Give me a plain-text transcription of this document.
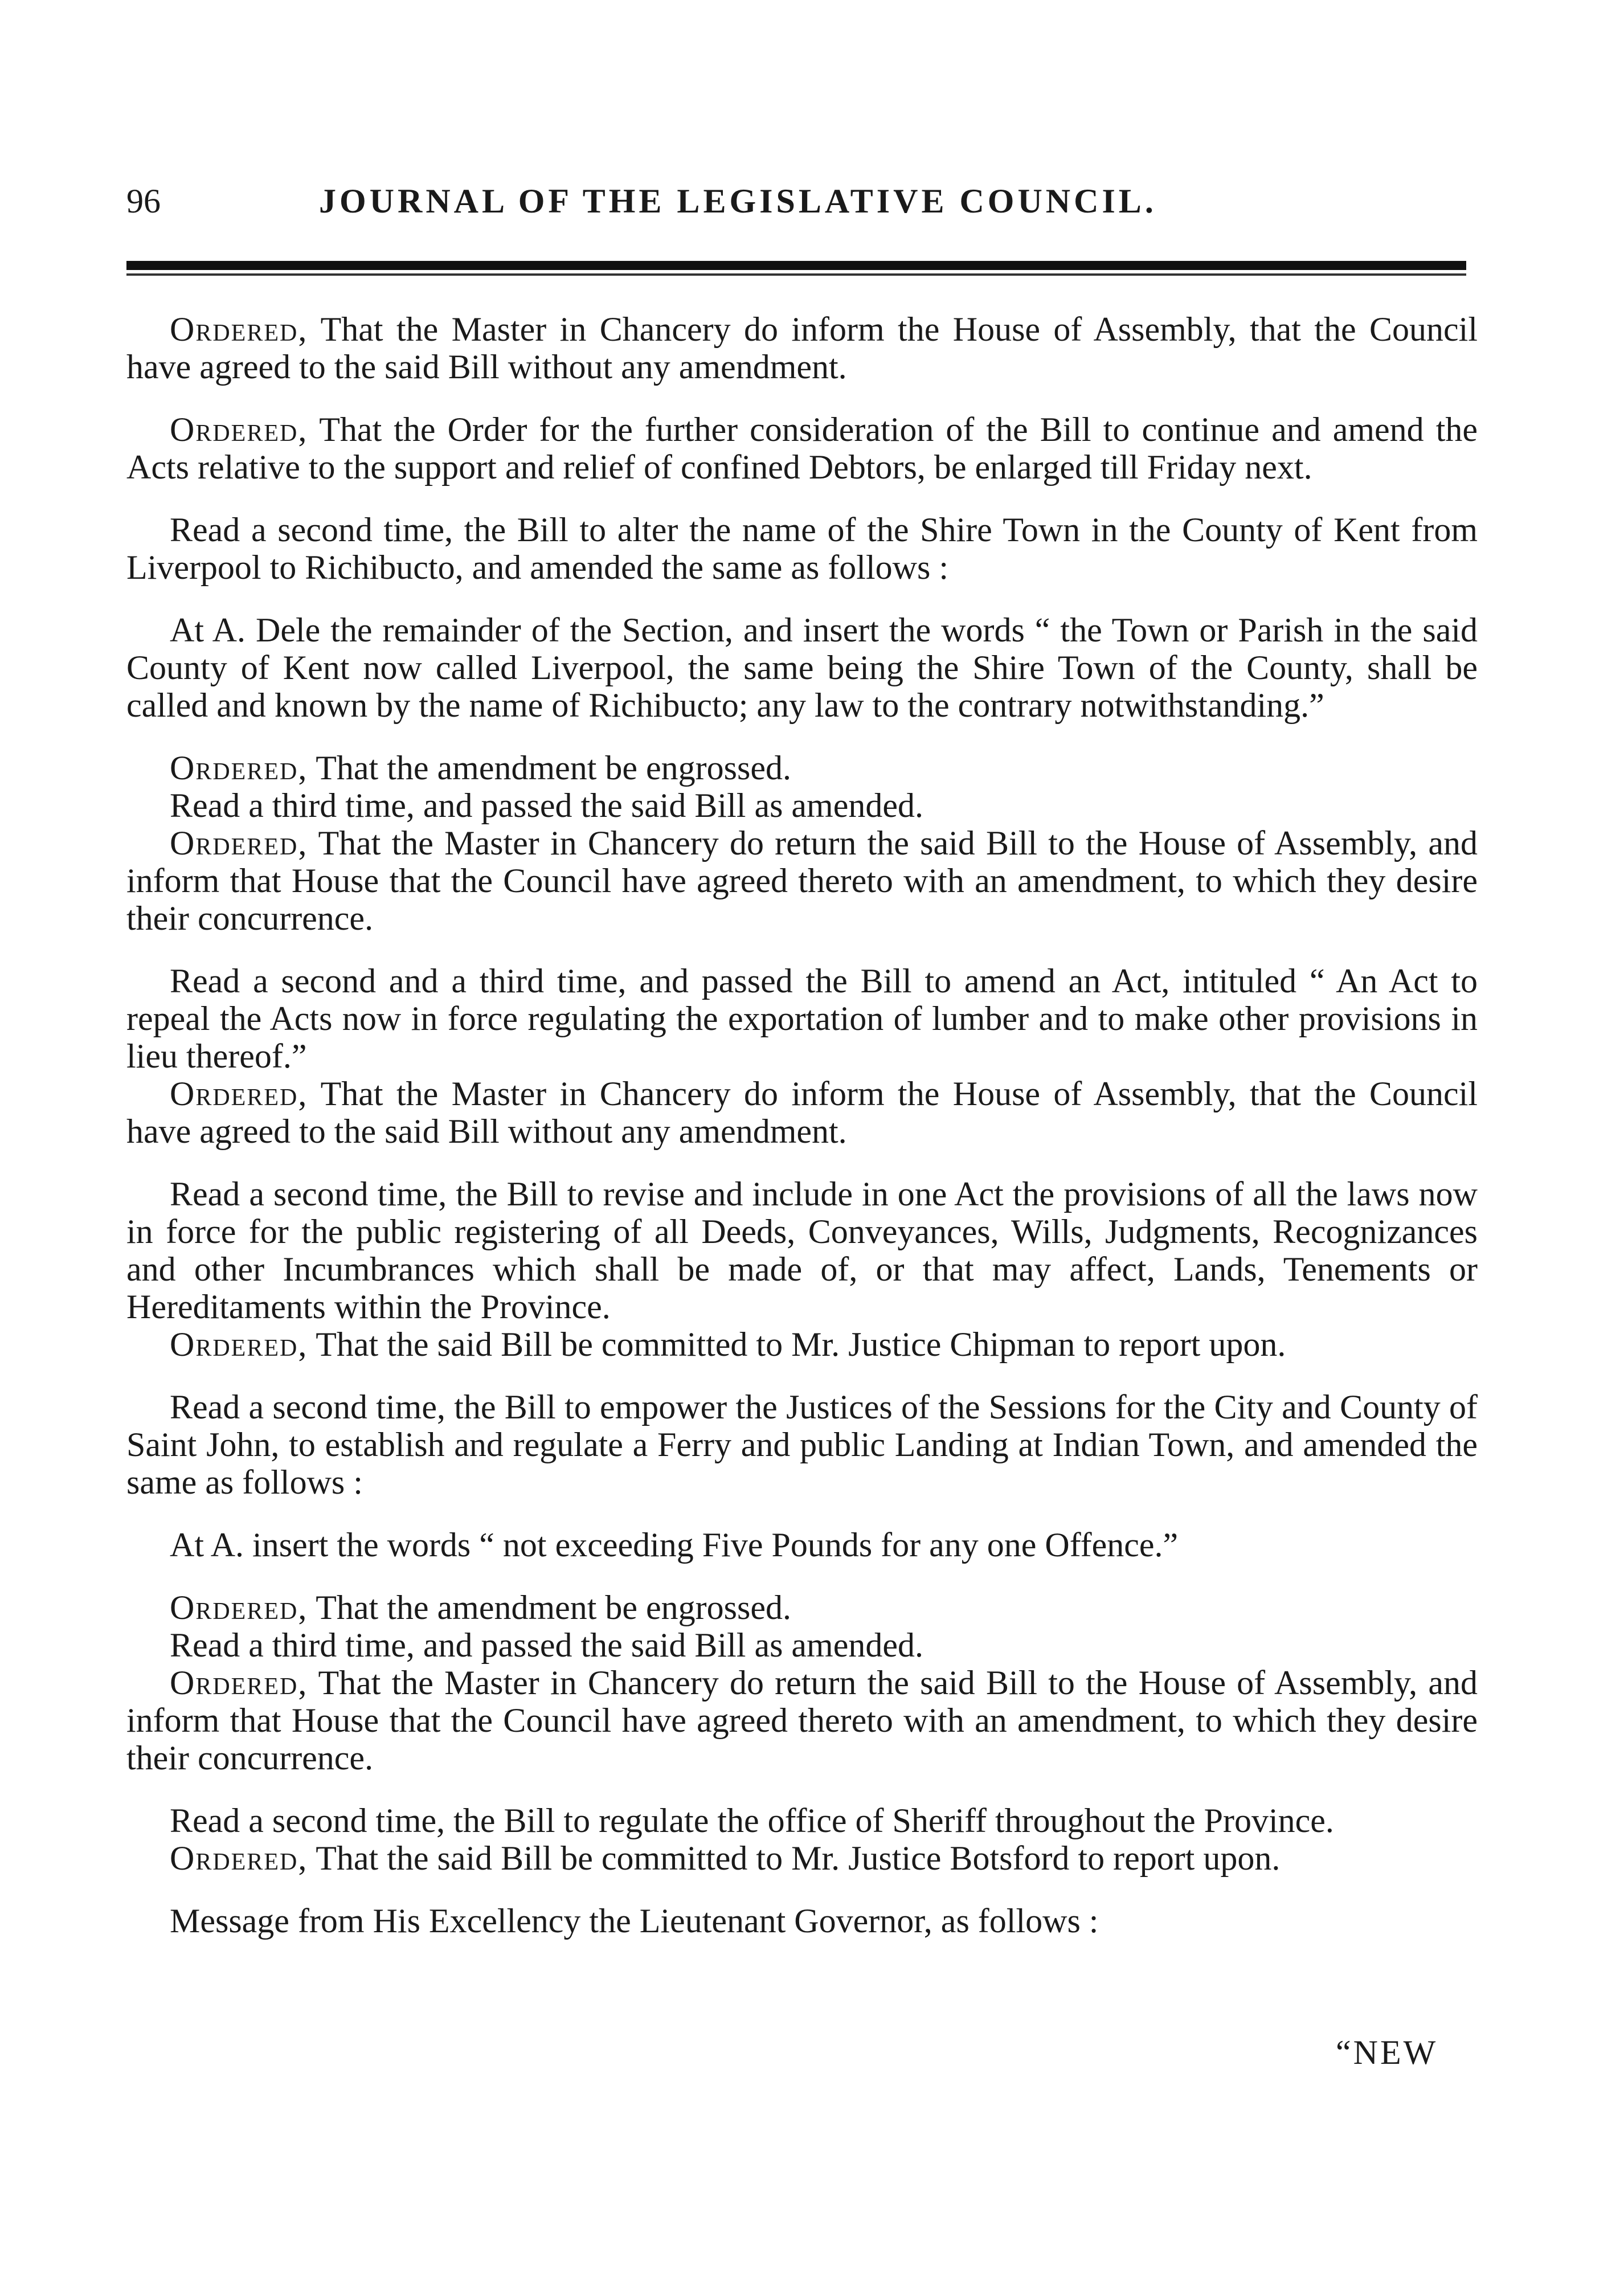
96	JOURNAL OF THE LEGISLATIVE COUNCIL.

Ordered, That the Master in Chancery do inform the House of Assembly, that the Council have agreed to the said Bill without any amendment.

Ordered, That the Order for the further consideration of the Bill to continue and amend the Acts relative to the support and relief of confined Debtors, be enlarged till Friday next.

Read a second time, the Bill to alter the name of the Shire Town in the County of Kent from Liverpool to Richibucto, and amended the same as follows :

At A. Dele the remainder of the Section, and insert the words “ the Town or Parish in the said County of Kent now called Liverpool, the same being the Shire Town of the County, shall be called and known by the name of Richibucto; any law to the contrary notwithstanding.”

Ordered, That the amendment be engrossed.

Read a third time, and passed the said Bill as amended.

Ordered, That the Master in Chancery do return the said Bill to the House of Assembly, and inform that House that the Council have agreed thereto with an amendment, to which they desire their concurrence.

Read a second and a third time, and passed the Bill to amend an Act, intituled “ An Act to repeal the Acts now in force regulating the exportation of lumber and to make other provisions in lieu thereof.”

Ordered, That the Master in Chancery do inform the House of Assembly, that the Council have agreed to the said Bill without any amendment.

Read a second time, the Bill to revise and include in one Act the provisions of all the laws now in force for the public registering of all Deeds, Conveyances, Wills, Judgments, Recognizances and other Incumbrances which shall be made of, or that may affect, Lands, Tenements or Hereditaments within the Province.

Ordered, That the said Bill be committed to Mr. Justice Chipman to report upon.

Read a second time, the Bill to empower the Justices of the Sessions for the City and County of Saint John, to establish and regulate a Ferry and public Landing at Indian Town, and amended the same as follows :

At A. insert the words “ not exceeding Five Pounds for any one Offence.”

Ordered, That the amendment be engrossed.

Read a third time, and passed the said Bill as amended.

Ordered, That the Master in Chancery do return the said Bill to the House of Assembly, and inform that House that the Council have agreed thereto with an amendment, to which they desire their concurrence.

Read a second time, the Bill to regulate the office of Sheriff throughout the Province.

Ordered, That the said Bill be committed to Mr. Justice Botsford to report upon.

Message from His Excellency the Lieutenant Governor, as follows :

“NEW
